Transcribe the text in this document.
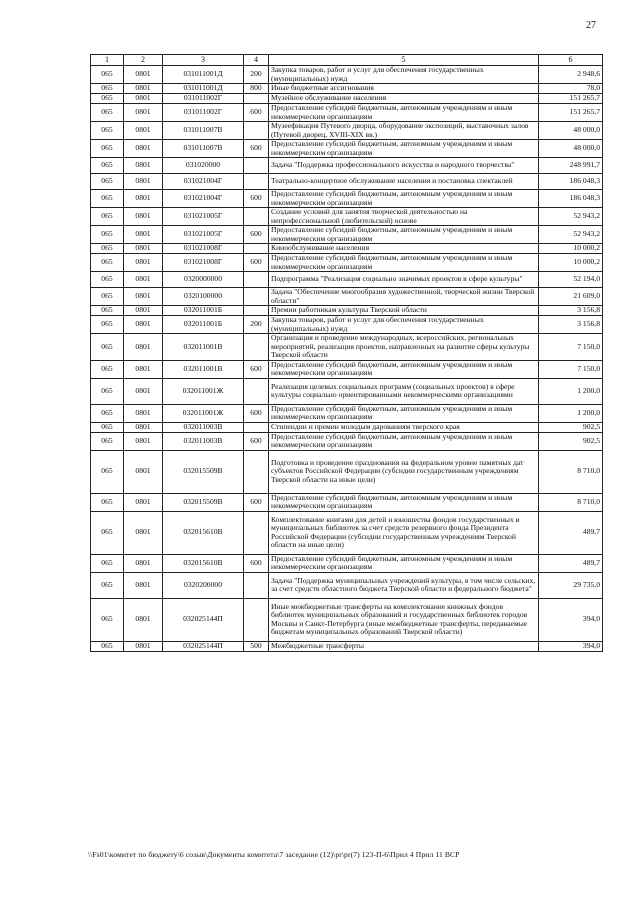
27
1	2	3	4	5	6
065	0801	031011001Д	200	Закупка товаров, работ и услуг для обеспечения государственных (муниципальных) нужд	2 948,6
065	0801	031011001Д	800	Иные бюджетные ассигнования	78,0
065	0801	031011002Г		Музейное обслуживание населения	151 265,7
065	0801	031011002Г	600	Предоставление субсидий бюджетным, автономным учреждениям и иным некоммерческим организациям	151 265,7
065	0801	031011007В		Музеефикация Путевого дворца, оборудование экспозиций, выставочных залов (Путевой дворец, XVIII-XIX вв.)	48 000,0
065	0801	031011007В	600	Предоставление субсидий бюджетным, автономным учреждениям и иным некоммерческим организациям	48 000,0
065	0801	031020000		Задача "Поддержка профессионального искусства и народного творчества"	248 991,7
065	0801	031021004Г		Театрально-концертное обслуживание населения и постановка спектаклей	186 048,3
065	0801	031021004Г	600	Предоставление субсидий бюджетным, автономным учреждениям и иным некоммерческим организациям	186 048,3
065	0801	031021005Г		Создание условий для занятия творческой деятельностью на непрофессиональной (любительской) основе	52 943,2
065	0801	031021005Г	600	Предоставление субсидий бюджетным, автономным учреждениям и иным некоммерческим организациям	52 943,2
065	0801	031021008Г		Кинообслуживание населения	10 000,2
065	0801	031021008Г	600	Предоставление субсидий бюджетным, автономным учреждениям и иным некоммерческим организациям	10 000,2
065	0801	0320000000		Подпрограмма "Реализация социально значимых проектов в сфере культуры"	52 194,0
065	0801	0320100000		Задача "Обеспечение многообразия художественной, творческой жизни Тверской области"	21 609,0
065	0801	032011001Б		Премии работникам культуры Тверской области	3 156,8
065	0801	032011001Б	200	Закупка товаров, работ и услуг для обеспечения государственных (муниципальных) нужд	3 156,8
065	0801	032011001В		Организация и проведение международных, всероссийских, региональных мероприятий, реализация проектов, направленных на развитие сферы культуры Тверской области	7 150,0
065	0801	032011001В	600	Предоставление субсидий бюджетным, автономным учреждениям и иным некоммерческим организациям	7 150,0
065	0801	032011001Ж		Реализация целевых социальных программ (социальных проектов) в сфере культуры социально ориентированными некоммерческими организациями	1 200,0
065	0801	032011001Ж	600	Предоставление субсидий бюджетным, автономным учреждениям и иным некоммерческим организациям	1 200,0
065	0801	032011003В		Стипендии и премии молодым дарованиям тверского края	902,5
065	0801	032011003В	600	Предоставление субсидий бюджетным, автономным учреждениям и иным некоммерческим организациям	902,5
065	0801	032015509В		Подготовка и проведение празднования на федеральном уровне памятных дат субъектов Российской Федерации (субсидии государственным учреждениям Тверской области на иные цели)	8 710,0
065	0801	032015509В	600	Предоставление субсидий бюджетным, автономным учреждениям и иным некоммерческим организациям	8 710,0
065	0801	032015610В		Комплектование книгами для детей и юношества фондов государственных и муниципальных библиотек за счет средств резервного фонда Президента Российской Федерации (субсидии государственным учреждениям Тверской области на иные цели)	489,7
065	0801	032015610В	600	Предоставление субсидий бюджетным, автономным учреждениям и иным некоммерческим организациям	489,7
065	0801	0320200000		Задача "Поддержка муниципальных учреждений культуры, в том числе сельских, за счет средств областного бюджета Тверской области и федерального бюджета"	29 735,0
065	0801	032025144П		Иные межбюджетные трансферты на комплектование книжных фондов библиотек муниципальных образований и государственных библиотек городов Москвы и Санкт-Петербурга (иные межбюджетные трансферты, передаваемые бюджетам муниципальных образований Тверской области)	394,0
065	0801	032025144П	500	Межбюджетные трансферты	394,0
\\Fs01\комитет по бюджету\6 созыв\Документы комитета\7 заседание (12)\pr\рr(7) 123-П-6\Прил 4 Прил 11 ВСР
